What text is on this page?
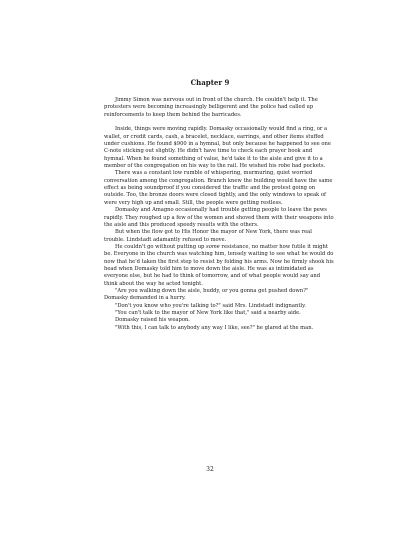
Chapter 9

Jimmy Simon was nervous out in front of the church. He couldn't help it. The protesters were becoming increasingly belligerent and the police had called up reinforcements to keep them behind the barricades.

Inside, things were moving rapidly. Domasky occasionally would find a ring, or a wallet, or credit cards, cash, a bracelet, necklace, earrings, and other items stuffed under cushions. He found $900 in a hymnal, but only because he happened to see one C-note sticking out slightly. He didn't have time to check each prayer book and hymnal. When he found something of value, he'd take it to the aisle and give it to a member of the congregation on his way to the rail. He wished his robe had pockets.

There was a constant low rumble of whispering, murmuring, quiet worried conversation among the congregation. Branch knew the building would have the same effect as being soundproof if you considered the traffic and the protest going on outside. Too, the bronze doors were closed tightly, and the only windows to speak of were very high up and small. Still, the people were getting restless.

Domasky and Amagno occasionally had trouble getting people to leave the pews rapidly. They roughed up a few of the women and shoved them with their weapons into the aisle and this produced speedy results with the others.

But when the flow got to His Honor the mayor of New York, there was real trouble. Lindstadt adamantly refused to move.

He couldn't go without putting up some resistance, no matter how futile it might be. Everyone in the church was watching him, tensely waiting to see what he would do now that he'd taken the first step to resist by folding his arms. Now he firmly shook his head when Domasky told him to move down the aisle. He was as intimidated as everyone else, but he had to think of tomorrow, and of what people would say and think about the way he acted tonight.

"Are you walking down the aisle, buddy, or you gonna get pushed down?" Domasky demanded in a hurry.

"Don't you know who you're talking to?" said Mrs. Lindstadt indignantly.

"You can't talk to the mayor of New York like that," said a nearby aide.

Domasky raised his weapon.

"With this, I can talk to anybody any way I like, see?" he glared at the man.

32
